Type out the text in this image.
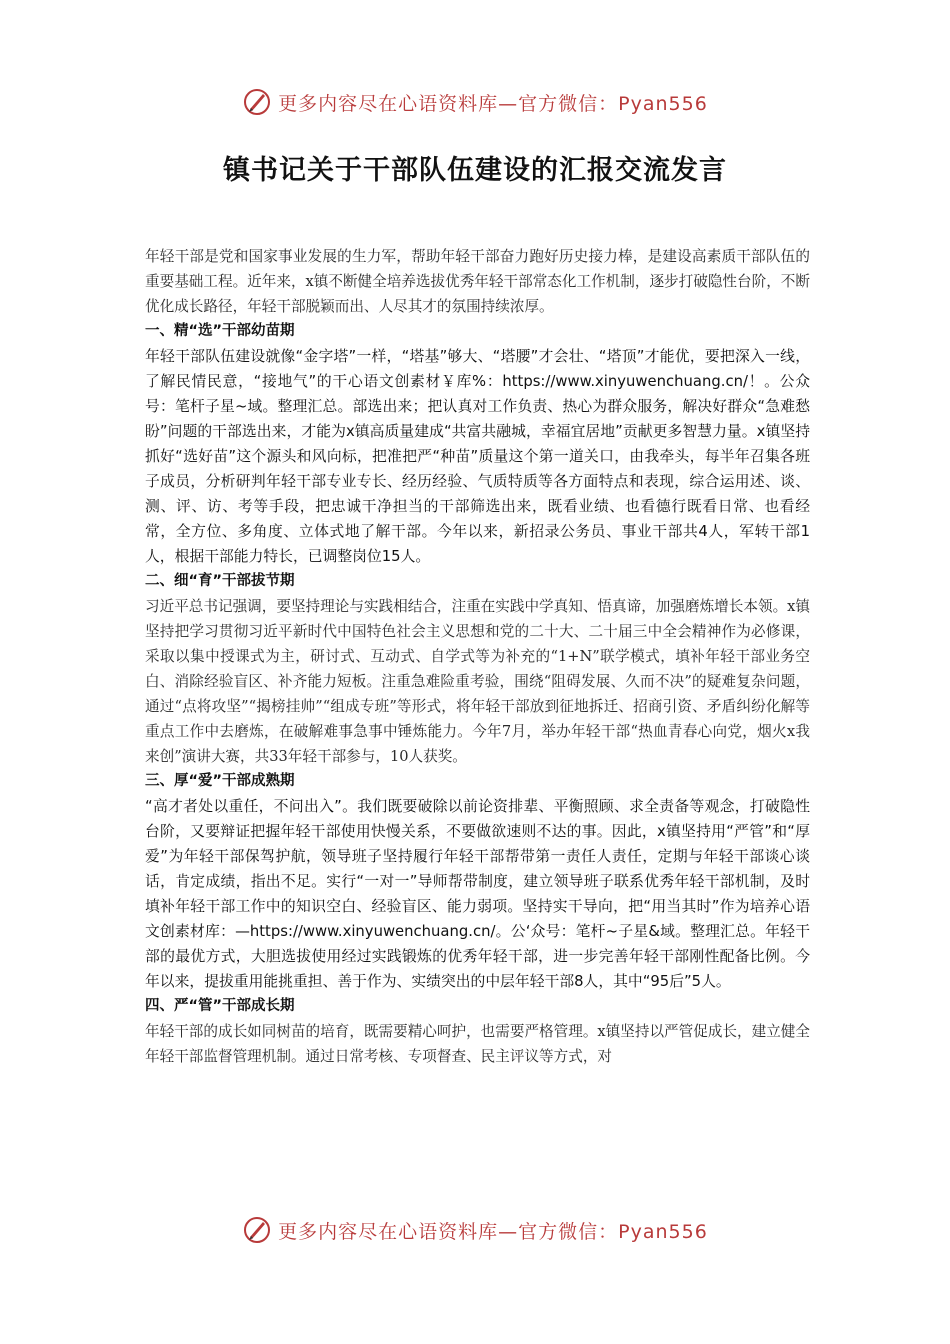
更多内容尽在心语资料库—官方微信：Pyan556
镇书记关于干部队伍建设的汇报交流发言

年轻干部是党和国家事业发展的生力军，帮助年轻干部奋力跑好历史接力棒，是建设高素质干部队伍的重要基础工程。近年来，x镇不断健全培养选拔优秀年轻干部常态化工作机制，逐步打破隐性台阶，不断优化成长路径，年轻干部脱颖而出、人尽其才的氛围持续浓厚。

一、精“选”干部幼苗期

年轻干部队伍建设就像“金字塔”一样，“塔基”够大、“塔腰”才会壮、“塔顶”才能优，要把深入一线，了解民情民意，“接地气”的干心语文创素材￥库%：https://www.xinyuwenchuang.cn/！。公众号：笔杆子星~域。整理汇总。部选出来；把认真对工作负责、热心为群众服务，解决好群众“急难愁盼”问题的干部选出来，才能为x镇高质量建成“共富共融城，幸福宜居地”贡献更多智慧力量。x镇坚持抓好“选好苗”这个源头和风向标，把准把严“种苗”质量这个第一道关口，由我牵头，每半年召集各班子成员，分析研判年轻干部专业专长、经历经验、气质特质等各方面特点和表现，综合运用述、谈、测、评、访、考等手段，把忠诚干净担当的干部筛选出来，既看业绩、也看德行既看日常、也看经常，全方位、多角度、立体式地了解干部。今年以来，新招录公务员、事业干部共4人，军转干部1人，根据干部能力特长，已调整岗位15人。

二、细“育”干部拔节期

习近平总书记强调，要坚持理论与实践相结合，注重在实践中学真知、悟真谛，加强磨炼增长本领。x镇坚持把学习贯彻习近平新时代中国特色社会主义思想和党的二十大、二十届三中全会精神作为必修课，采取以集中授课式为主，研讨式、互动式、自学式等为补充的“1+N”联学模式，填补年轻干部业务空白、消除经验盲区、补齐能力短板。注重急难险重考验，围绕“阻碍发展、久而不决”的疑难复杂问题，通过“点将攻坚”“揭榜挂帅”“组成专班”等形式，将年轻干部放到征地拆迁、招商引资、矛盾纠纷化解等重点工作中去磨炼，在破解难事急事中锤炼能力。今年7月，举办年轻干部“热血青春心向党，烟火x我来创”演讲大赛，共33年轻干部参与，10人获奖。

三、厚“爱”干部成熟期

“高才者处以重任，不问出入”。我们既要破除以前论资排辈、平衡照顾、求全责备等观念，打破隐性台阶，又要辩证把握年轻干部使用快慢关系，不要做欲速则不达的事。因此，x镇坚持用“严管”和“厚爱”为年轻干部保驾护航，领导班子坚持履行年轻干部帮带第一责任人责任，定期与年轻干部谈心谈话，肯定成绩，指出不足。实行“一对一”导师帮带制度，建立领导班子联系优秀年轻干部机制，及时填补年轻干部工作中的知识空白、经验盲区、能力弱项。坚持实干导向，把“用当其时”作为培养心语文创素材库：—https://www.xinyuwenchuang.cn/。公‘众号：笔杆~子星&域。整理汇总。年轻干部的最优方式，大胆选拔使用经过实践锻炼的优秀年轻干部，进一步完善年轻干部刚性配备比例。今年以来，提拔重用能挑重担、善于作为、实绩突出的中层年轻干部8人，其中“95后”5人。

四、严“管”干部成长期

年轻干部的成长如同树苗的培育，既需要精心呵护，也需要严格管理。x镇坚持以严管促成长，建立健全年轻干部监督管理机制。通过日常考核、专项督查、民主评议等方式，对

更多内容尽在心语资料库—官方微信：Pyan556
